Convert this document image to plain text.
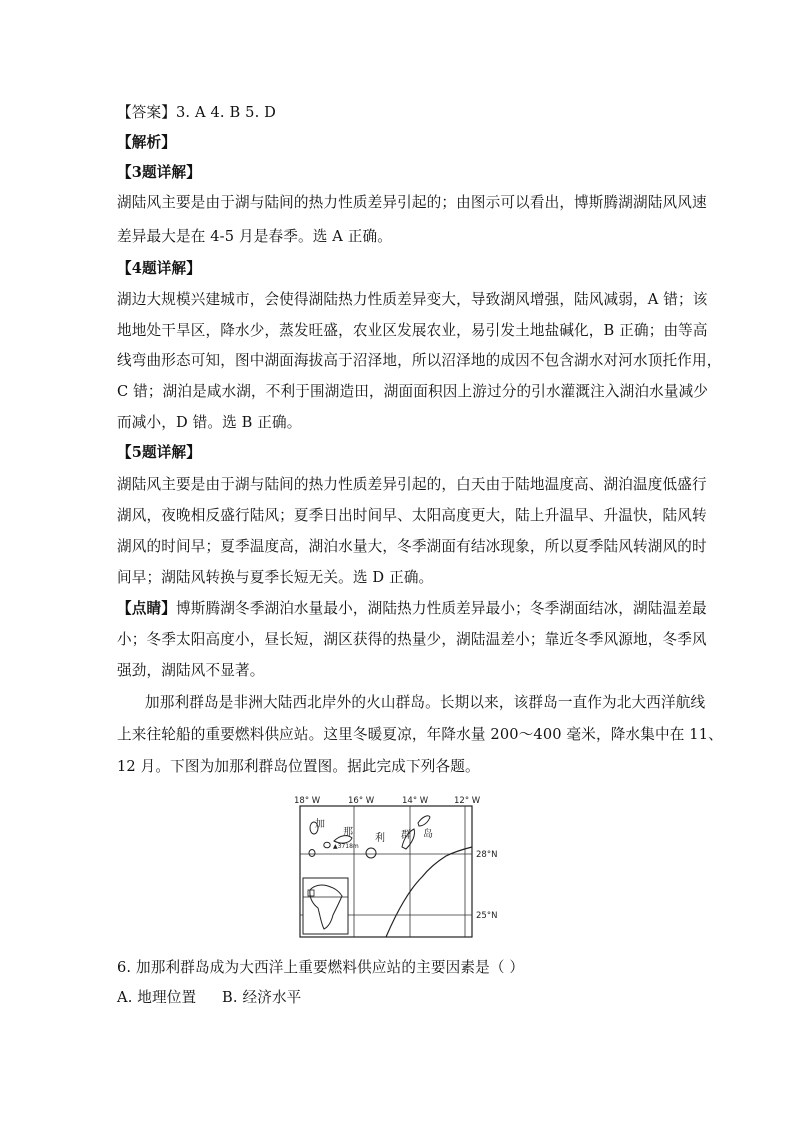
【答案】3. A 4. B 5. D
【解析】
【3题详解】
湖陆风主要是由于湖与陆间的热力性质差异引起的；由图示可以看出，博斯腾湖湖陆风风速
差异最大是在 4-5 月是春季。选 A 正确。
【4题详解】
湖边大规模兴建城市，会使得湖陆热力性质差异变大，导致湖风增强，陆风减弱，A 错；该
地地处干旱区，降水少，蒸发旺盛，农业区发展农业，易引发土地盐碱化，B 正确；由等高
线弯曲形态可知，图中湖面海拔高于沼泽地，所以沼泽地的成因不包含湖水对河水顶托作用，
C 错；湖泊是咸水湖，不利于围湖造田，湖面面积因上游过分的引水灌溉注入湖泊水量减少
而减小，D 错。选 B 正确。
【5题详解】
湖陆风主要是由于湖与陆间的热力性质差异引起的，白天由于陆地温度高、湖泊温度低盛行
湖风，夜晚相反盛行陆风；夏季日出时间早、太阳高度更大，陆上升温早、升温快，陆风转
湖风的时间早；夏季温度高，湖泊水量大，冬季湖面有结冰现象，所以夏季陆风转湖风的时
间早；湖陆风转换与夏季长短无关。选 D 正确。
【点睛】博斯腾湖冬季湖泊水量最小，湖陆热力性质差异最小；冬季湖面结冰，湖陆温差最
小；冬季太阳高度小，昼长短，湖区获得的热量少，湖陆温差小；靠近冬季风源地，冬季风
强劲，湖陆风不显著。
加那利群岛是非洲大陆西北岸外的火山群岛。长期以来，该群岛一直作为北大西洋航线
上来往轮船的重要燃料供应站。这里冬暖夏凉，年降水量 200～400 毫米，降水集中在 11、
12 月。下图为加那利群岛位置图。据此完成下列各题。
18° W	16° W	14° W	12° W
28°N
25°N
加
那
利 群 岛
▲3718m
6. 加那利群岛成为大西洋上重要燃料供应站的主要因素是（ ）
A. 地理位置 B. 经济水平
